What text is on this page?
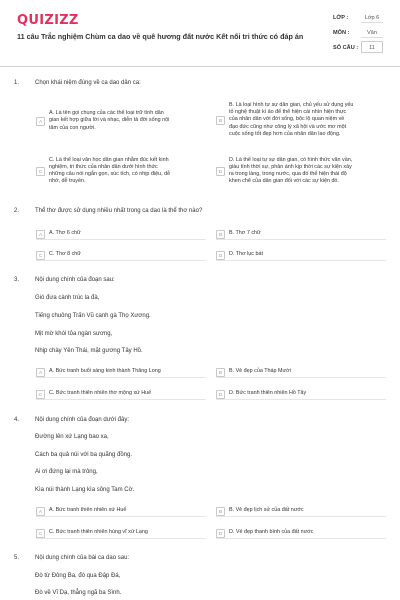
QUIZIZZ
11 câu Trắc nghiệm Chùm ca dao về quê hương đất nước Kết nối tri thức có đáp án
LỚP :	Lớp 6
MÔN :	Văn
SỐ CÂU :	11
1.	Chọn khái niệm đúng về ca dao dân ca:
A
A. Là tên gọi chung của các thể loại trữ tình dân
gian kết hợp giữa lời và nhạc, diễn tả đời sống nội
tâm của con người.
B
B. Là loại hình tự sự dân gian, chủ yếu sử dụng yếu
tố nghệ thuật kì ảo để thể hiện cái nhìn hiện thực
của nhân dân với đời sống, bộc lộ quan niệm về
đạo đức cũng như công lý xã hội và ước mơ một
cuộc sống tốt đẹp hơn của nhân dân lao động.
C
C. Là thể loại văn học dân gian nhằm đúc kết kinh
nghiệm, tri thức của nhân dân dưới hình thức
những câu nói ngắn gọn, súc tích, có nhịp điệu, dễ
nhớ, dễ truyền.
D
D. Là thể loại tự sự dân gian, có hình thức văn vần,
giàu tính thời sự, phản ánh kịp thời các sự kiện xảy
ra trong làng, trong nước, qua đó thể hiện thái độ
khen chê của dân gian đối với các sự kiện đó.
2.	Thể thơ được sử dụng nhiều nhất trong ca dao là thể thơ nào?
A	A. Thơ 6 chữ	B	B. Thơ 7 chữ
C	C. Thơ 8 chữ	D	D. Thơ lục bát
3.	Nội dung chính của đoạn sau:
Gió đưa cành trúc la đà,
Tiếng chuông Trấn Vũ canh gà Thọ Xương.
Mịt mờ khói tỏa ngàn sương,
Nhịp chày Yên Thái, mặt gương Tây Hồ.
A	A. Bức tranh buổi sáng kinh thành Thăng Long	B	B. Vẻ đẹp của Tháp Mười
C	C. Bức tranh thiên nhiên thơ mộng xứ Huế	D	D. Bức tranh thiên nhiên Hồ Tây
4.	Nội dung chính của đoạn dưới đây:
Đường lên xứ Lạng bao xa,
Cách ba quả núi với ba quãng đồng.
Ai ơi đứng lại mà trông,
Kìa núi thành Lạng kìa sông Tam Cờ.
A	A. Bức tranh thiên nhiên xứ Huế	B	B. Vẻ đẹp lịch sử của đất nước
C	C. Bức tranh thiên nhiên hùng vĩ xứ Lạng	D	D. Vẻ đẹp thanh bình của đất nước
5.	Nội dung chính của bài ca dao sau:
Đò từ Đông Ba, đò qua Đập Đá,
Đò về Vĩ Dạ, thẳng ngã ba Sình.
